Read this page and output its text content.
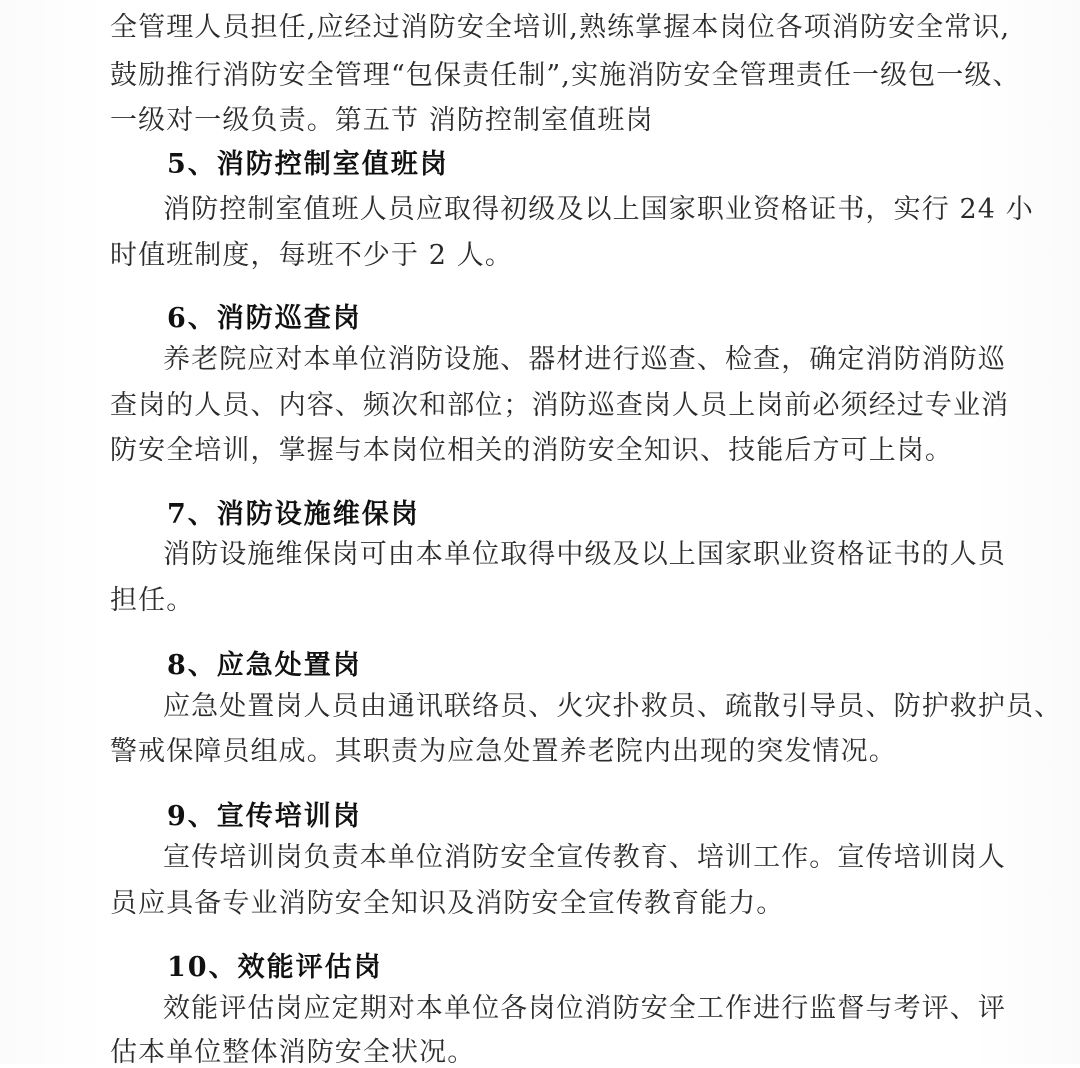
全管理人员担任,应经过消防安全培训,熟练掌握本岗位各项消防安全常识,

鼓励推行消防安全管理“包保责任制”,实施消防安全管理责任一级包一级、

一级对一级负责。第五节 消防控制室值班岗

5、消防控制室值班岗

消防控制室值班人员应取得初级及以上国家职业资格证书，实行 24 小

时值班制度，每班不少于 2 人。

6、消防巡查岗

养老院应对本单位消防设施、器材进行巡查、检查，确定消防消防巡

查岗的人员、内容、频次和部位；消防巡查岗人员上岗前必须经过专业消

防安全培训，掌握与本岗位相关的消防安全知识、技能后方可上岗。

7、消防设施维保岗

消防设施维保岗可由本单位取得中级及以上国家职业资格证书的人员

担任。

8、应急处置岗

应急处置岗人员由通讯联络员、火灾扑救员、疏散引导员、防护救护员、

警戒保障员组成。其职责为应急处置养老院内出现的突发情况。

9、宣传培训岗

宣传培训岗负责本单位消防安全宣传教育、培训工作。宣传培训岗人

员应具备专业消防安全知识及消防安全宣传教育能力。

10、效能评估岗

效能评估岗应定期对本单位各岗位消防安全工作进行监督与考评、评

估本单位整体消防安全状况。
